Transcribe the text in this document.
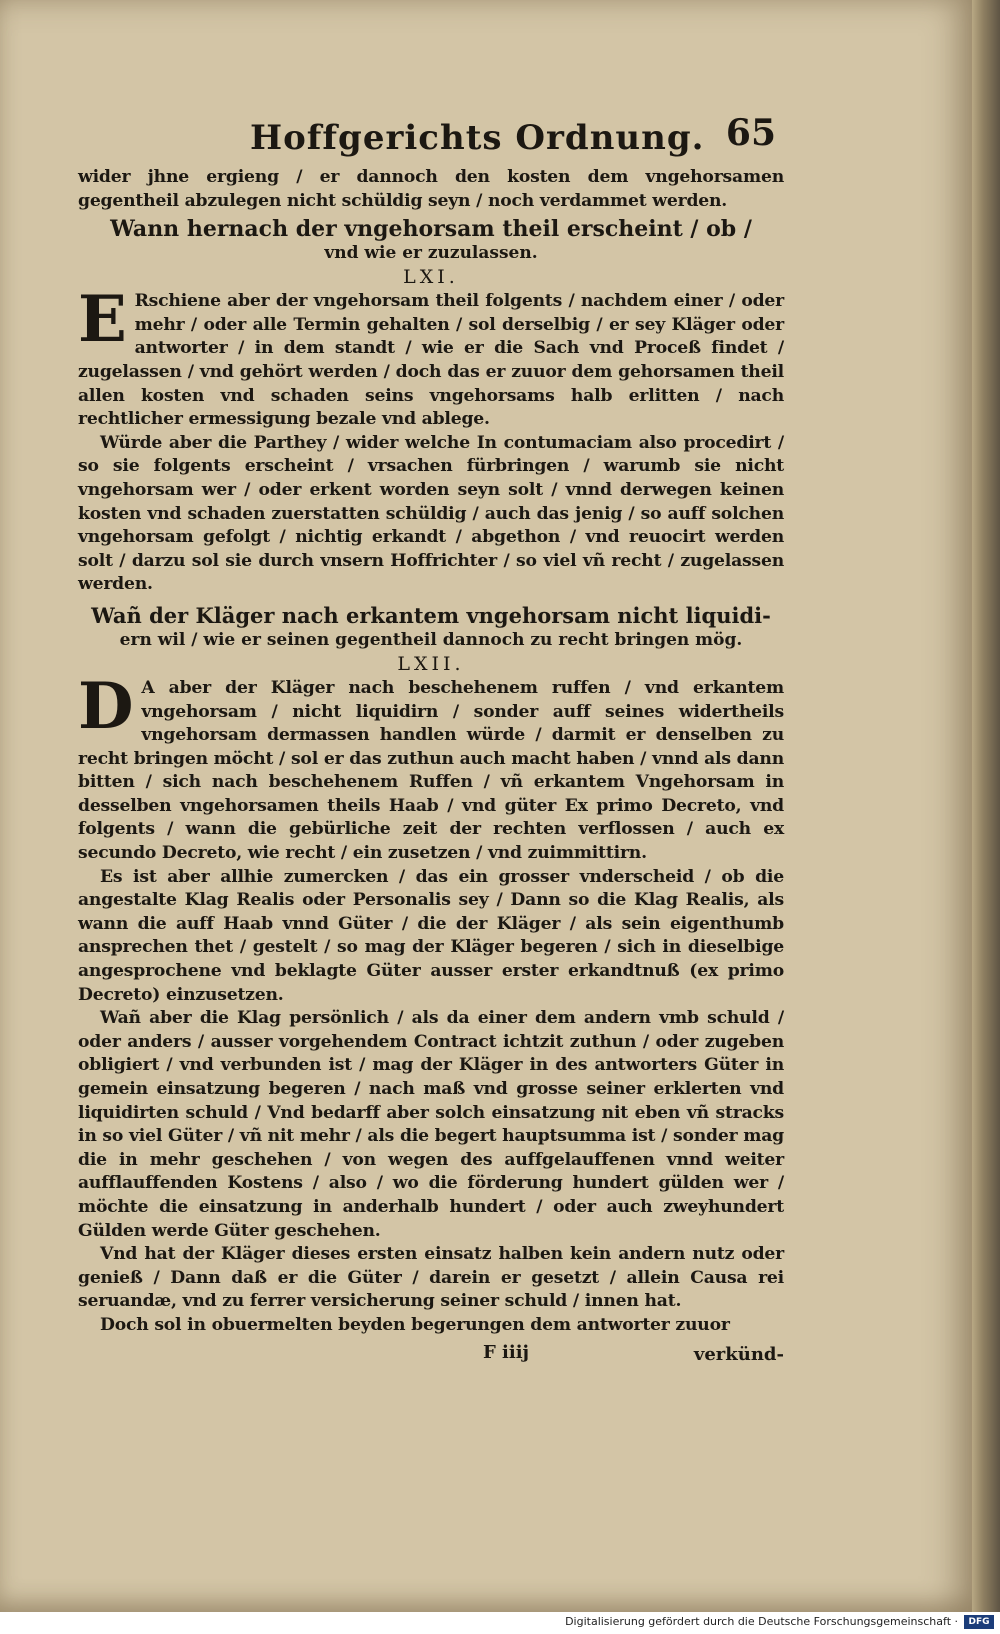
Hoffgerichts Ordnung. 65

wider jhne ergieng / er dannoch den kosten dem vngehorsamen gegentheil abzulegen nicht schüldig seyn / noch verdammet werden.

Wann hernach der vngehorsam theil erscheint / ob /
vnd wie er zuzulassen.
LXI.

E Rschiene aber der vngehorsam theil folgents / nachdem einer / oder mehr / oder alle Termin gehalten / sol derselbig / er sey Kläger oder antworter / in dem standt / wie er die Sach vnd Proceß findet / zugelassen / vnd gehört werden / doch das er zuuor dem gehorsamen theil allen kosten vnd schaden seins vngehorsams halb erlitten / nach rechtlicher ermessigung bezale vnd ablege.

Würde aber die Parthey / wider welche In contumaciam also procedirt / so sie folgents erscheint / vrsachen fürbringen / warumb sie nicht vngehorsam wer / oder erkent worden seyn solt / vnnd derwegen keinen kosten vnd schaden zuerstatten schüldig / auch das jenig / so auff solchen vngehorsam gefolgt / nichtig erkandt / abgethon / vnd reuocirt werden solt / darzu sol sie durch vnsern Hoffrichter / so viel vñ recht / zugelassen werden.

Wañ der Kläger nach erkantem vngehorsam nicht liquidi-
ern wil / wie er seinen gegentheil dannoch zu recht bringen mög.
LXII.

D A aber der Kläger nach beschehenem ruffen / vnd erkantem vngehorsam / nicht liquidirn / sonder auff seines widertheils vngehorsam dermassen handlen würde / darmit er denselben zu recht bringen möcht / sol er das zuthun auch macht haben / vnnd als dann bitten / sich nach beschehenem Ruffen / vñ erkantem Vngehorsam in desselben vngehorsamen theils Haab / vnd güter Ex primo Decreto, vnd folgents / wann die gebürliche zeit der rechten verflossen / auch ex secundo Decreto, wie recht / ein zusetzen / vnd zuimmittirn.

Es ist aber allhie zumercken / das ein grosser vnderscheid / ob die angestalte Klag Realis oder Personalis sey / Dann so die Klag Realis, als wann die auff Haab vnnd Güter / die der Kläger / als sein eigenthumb ansprechen thet / gestelt / so mag der Kläger begeren / sich in dieselbige angesprochene vnd beklagte Güter ausser erster erkandtnuß (ex primo Decreto) einzusetzen.

Wañ aber die Klag persönlich / als da einer dem andern vmb schuld / oder anders / ausser vorgehendem Contract ichtzit zuthun / oder zugeben obligiert / vnd verbunden ist / mag der Kläger in des antworters Güter in gemein einsatzung begeren / nach maß vnd grosse seiner erklerten vnd liquidirten schuld / Vnd bedarff aber solch einsatzung nit eben vñ stracks in so viel Güter / vñ nit mehr / als die begert hauptsumma ist / sonder mag die in mehr geschehen / von wegen des auffgelauffenen vnnd weiter aufflauffenden Kostens / also / wo die förderung hundert gülden wer / möchte die einsatzung in anderhalb hundert / oder auch zweyhundert Gülden werde Güter geschehen.

Vnd hat der Kläger dieses ersten einsatz halben kein andern nutz oder genieß / Dann daß er die Güter / darein er gesetzt / allein Causa rei seruandæ, vnd zu ferrer versicherung seiner schuld / innen hat.

Doch sol in obuermelten beyden begerungen dem antworter zuuor

F iiij	verkünd-
Digitalisierung gefördert durch die Deutsche Forschungsgemeinschaft ·	DFG
